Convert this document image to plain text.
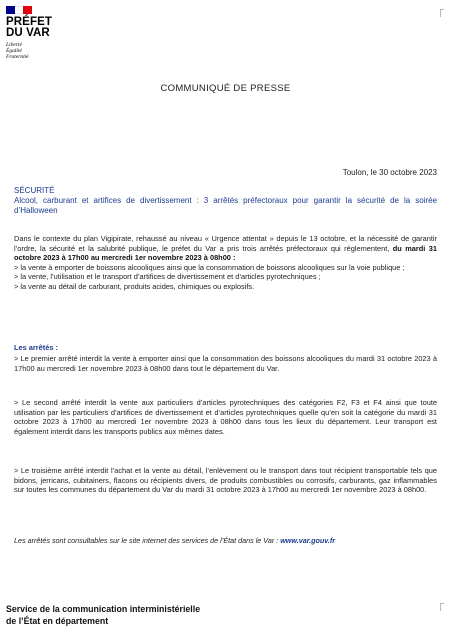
PRÉFET
DU VAR
Liberté
Égalité
Fraternité
COMMUNIQUÉ DE PRESSE
Toulon, le 30 octobre 2023
SÉCURITÉ
Alcool, carburant et artifices de divertissement : 3 arrêtés préfectoraux pour garantir la sécurité de la soirée d’Halloween

Dans le contexte du plan Vigipirate, rehaussé au niveau « Urgence attentat » depuis le 13 octobre, et la nécessité de garantir l’ordre, la sécurité et la salubrité publique, le préfet du Var a pris trois arrêtés préfectoraux qui réglementent, du mardi 31 octobre 2023 à 17h00 au mercredi 1er novembre 2023 à 08h00 :

> la vente à emporter de boissons alcooliques ainsi que la consommation de boissons alcooliques sur la voie publique ;

> la vente, l’utilisation et le transport d’artifices de divertissement et d’articles pyrotechniques ;

> la vente au détail de carburant, produits acides, chimiques ou explosifs.

Les arrêtés :
> Le premier arrêté interdit la vente à emporter ainsi que la consommation des boissons alcooliques du mardi 31 octobre 2023 à 17h00 au mercredi 1er novembre 2023 à 08h00 dans tout le département du Var.
> Le second arrêté interdit la vente aux particuliers d’articles pyrotechniques des catégories F2, F3 et F4 ainsi que toute utilisation par les particuliers d’artifices de divertissement et d’articles pyrotechniques quelle qu’en soit la catégorie du mardi 31 octobre 2023 à 17h00 au mercredi 1er novembre 2023 à 08h00 dans tous les lieux du département. Leur transport est également interdit dans les transports publics aux mêmes dates.
> Le troisième arrêté interdit l’achat et la vente au détail, l’enlèvement ou le transport dans tout récipient transportable tels que bidons, jerricans, cubitainers, flacons ou récipients divers, de produits combustibles ou corrosifs, carburants, gaz inflammables sur toutes les communes du département du Var du mardi 31 octobre 2023 à 17h00 au mercredi 1er novembre 2023 à 08h00.
Les arrêtés sont consultables sur le site internet des services de l’État dans le Var : www.var.gouv.fr
Service de la communication interministérielle
de l’État en département
